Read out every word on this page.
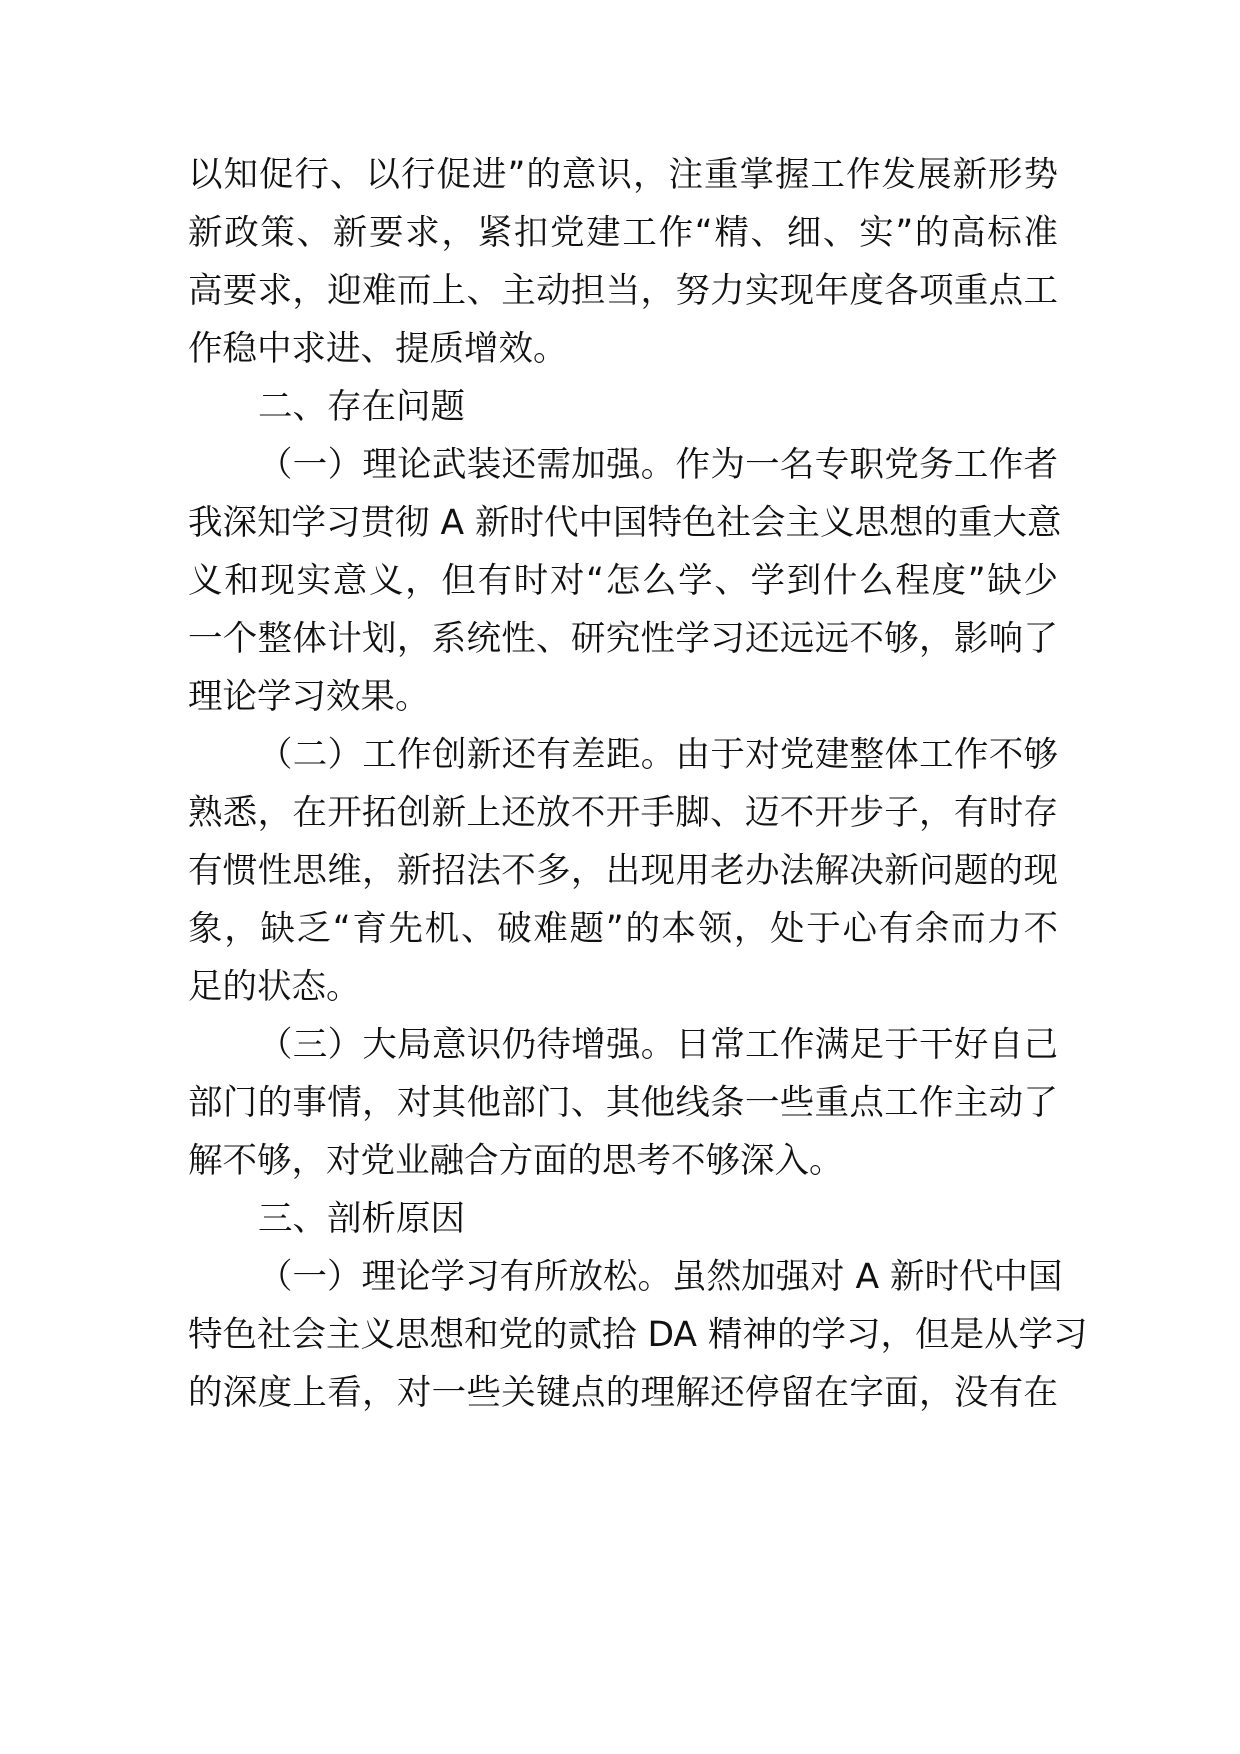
以知促行、以行促进”的意识，注重掌握工作发展新形势
新政策、新要求，紧扣党建工作“精、细、实”的高标准
高要求，迎难而上、主动担当，努力实现年度各项重点工
作稳中求进、提质增效。
二、存在问题
（一）理论武装还需加强。作为一名专职党务工作者
我深知学习贯彻 A 新时代中国特色社会主义思想的重大意
义和现实意义，但有时对“怎么学、学到什么程度”缺少
一个整体计划，系统性、研究性学习还远远不够，影响了
理论学习效果。
（二）工作创新还有差距。由于对党建整体工作不够
熟悉，在开拓创新上还放不开手脚、迈不开步子，有时存
有惯性思维，新招法不多，出现用老办法解决新问题的现
象，缺乏“育先机、破难题”的本领，处于心有余而力不
足的状态。
（三）大局意识仍待增强。日常工作满足于干好自己
部门的事情，对其他部门、其他线条一些重点工作主动了
解不够，对党业融合方面的思考不够深入。
三、剖析原因
（一）理论学习有所放松。虽然加强对 A 新时代中国
特色社会主义思想和党的贰拾 DA 精神的学习，但是从学习
的深度上看，对一些关键点的理解还停留在字面，没有在
